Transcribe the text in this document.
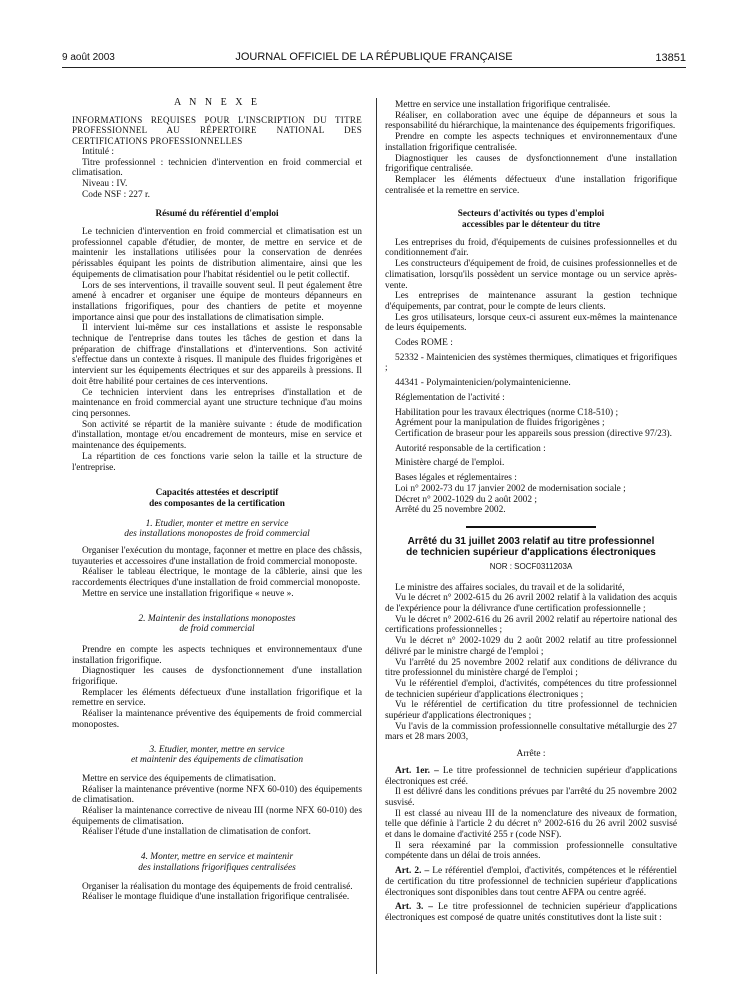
9 août 2003	JOURNAL OFFICIEL DE LA RÉPUBLIQUE FRANÇAISE	13851

A N N E X E

INFORMATIONS REQUISES POUR L'INSCRIPTION DU TITRE PROFESSIONNEL AU RÉPERTOIRE NATIONAL DES CERTIFICATIONS PROFESSIONNELLES

Intitulé :

Titre professionnel : technicien d'intervention en froid commercial et climatisation.

Niveau : IV.

Code NSF : 227 r.

Résumé du référentiel d'emploi

Le technicien d'intervention en froid commercial et climatisation est un professionnel capable d'étudier, de monter, de mettre en service et de maintenir les installations utilisées pour la conservation de denrées périssables équipant les points de distribution alimentaire, ainsi que les équipements de climatisation pour l'habitat résidentiel ou le petit collectif.

Lors de ses interventions, il travaille souvent seul. Il peut également être amené à encadrer et organiser une équipe de monteurs dépanneurs en installations frigorifiques, pour des chantiers de petite et moyenne importance ainsi que pour des installations de climatisation simple.

Il intervient lui-même sur ces installations et assiste le responsable technique de l'entreprise dans toutes les tâches de gestion et dans la préparation de chiffrage d'installations et d'interventions. Son activité s'effectue dans un contexte à risques. Il manipule des fluides frigorigènes et intervient sur les équipements électriques et sur des appareils à pressions. Il doit être habilité pour certaines de ces interventions.

Ce technicien intervient dans les entreprises d'installation et de maintenance en froid commercial ayant une structure technique d'au moins cinq personnes.

Son activité se répartit de la manière suivante : étude de modification d'installation, montage et/ou encadrement de monteurs, mise en service et maintenance des équipements.

La répartition de ces fonctions varie selon la taille et la structure de l'entreprise.

Capacités attestées et descriptif

des composantes de la certification

1. Etudier, monter et mettre en service

des installations monopostes de froid commercial

Organiser l'exécution du montage, façonner et mettre en place des châssis, tuyauteries et accessoires d'une installation de froid commercial monoposte.

Réaliser le tableau électrique, le montage de la câblerie, ainsi que les raccordements électriques d'une installation de froid commercial monoposte.

Mettre en service une installation frigorifique « neuve ».

2. Maintenir des installations monopostes

de froid commercial

Prendre en compte les aspects techniques et environnementaux d'une installation frigorifique.

Diagnostiquer les causes de dysfonctionnement d'une installation frigorifique.

Remplacer les éléments défectueux d'une installation frigorifique et la remettre en service.

Réaliser la maintenance préventive des équipements de froid commercial monopostes.

3. Etudier, monter, mettre en service

et maintenir des équipements de climatisation

Mettre en service des équipements de climatisation.

Réaliser la maintenance préventive (norme NFX 60-010) des équipements de climatisation.

Réaliser la maintenance corrective de niveau III (norme NFX 60-010) des équipements de climatisation.

Réaliser l'étude d'une installation de climatisation de confort.

4. Monter, mettre en service et maintenir

des installations frigorifiques centralisées

Organiser la réalisation du montage des équipements de froid centralisé.

Réaliser le montage fluidique d'une installation frigorifique centralisée.

Mettre en service une installation frigorifique centralisée.

Réaliser, en collaboration avec une équipe de dépanneurs et sous la responsabilité du hiérarchique, la maintenance des équipements frigorifiques.

Prendre en compte les aspects techniques et environnementaux d'une installation frigorifique centralisée.

Diagnostiquer les causes de dysfonctionnement d'une installation frigorifique centralisée.

Remplacer les éléments défectueux d'une installation frigorifique centralisée et la remettre en service.

Secteurs d'activités ou types d'emploi

accessibles par le détenteur du titre

Les entreprises du froid, d'équipements de cuisines professionnelles et du conditionnement d'air.

Les constructeurs d'équipement de froid, de cuisines professionnelles et de climatisation, lorsqu'ils possèdent un service montage ou un service après-vente.

Les entreprises de maintenance assurant la gestion technique d'équipements, par contrat, pour le compte de leurs clients.

Les gros utilisateurs, lorsque ceux-ci assurent eux-mêmes la maintenance de leurs équipements.

Codes ROME :

52332 - Maintenicien des systèmes thermiques, climatiques et frigorifiques ;

44341 - Polymaintenicien/polymaintenicienne.

Réglementation de l'activité :

Habilitation pour les travaux électriques (norme C18-510) ;

Agrément pour la manipulation de fluides frigorigènes ;

Certification de braseur pour les appareils sous pression (directive 97/23).

Autorité responsable de la certification :

Ministère chargé de l'emploi.

Bases légales et réglementaires :

Loi n° 2002-73 du 17 janvier 2002 de modernisation sociale ;

Décret n° 2002-1029 du 2 août 2002 ;

Arrêté du 25 novembre 2002.

Arrêté du 31 juillet 2003 relatif au titre professionnel

de technicien supérieur d'applications électroniques

NOR : SOCF0311203A

Le ministre des affaires sociales, du travail et de la solidarité,

Vu le décret n° 2002-615 du 26 avril 2002 relatif à la validation des acquis de l'expérience pour la délivrance d'une certification professionnelle ;

Vu le décret n° 2002-616 du 26 avril 2002 relatif au répertoire national des certifications professionnelles ;

Vu le décret n° 2002-1029 du 2 août 2002 relatif au titre professionnel délivré par le ministre chargé de l'emploi ;

Vu l'arrêté du 25 novembre 2002 relatif aux conditions de délivrance du titre professionnel du ministère chargé de l'emploi ;

Vu le référentiel d'emploi, d'activités, compétences du titre professionnel de technicien supérieur d'applications électroniques ;

Vu le référentiel de certification du titre professionnel de technicien supérieur d'applications électroniques ;

Vu l'avis de la commission professionnelle consultative métallurgie des 27 mars et 28 mars 2003,

Arrête :

Art. 1er. – Le titre professionnel de technicien supérieur d'applications électroniques est créé.

Il est délivré dans les conditions prévues par l'arrêté du 25 novembre 2002 susvisé.

Il est classé au niveau III de la nomenclature des niveaux de formation, telle que définie à l'article 2 du décret n° 2002-616 du 26 avril 2002 susvisé et dans le domaine d'activité 255 r (code NSF).

Il sera réexaminé par la commission professionnelle consultative compétente dans un délai de trois années.

Art. 2. – Le référentiel d'emploi, d'activités, compétences et le référentiel de certification du titre professionnel de technicien supérieur d'applications électroniques sont disponibles dans tout centre AFPA ou centre agréé.

Art. 3. – Le titre professionnel de technicien supérieur d'applications électroniques est composé de quatre unités constitutives dont la liste suit :
